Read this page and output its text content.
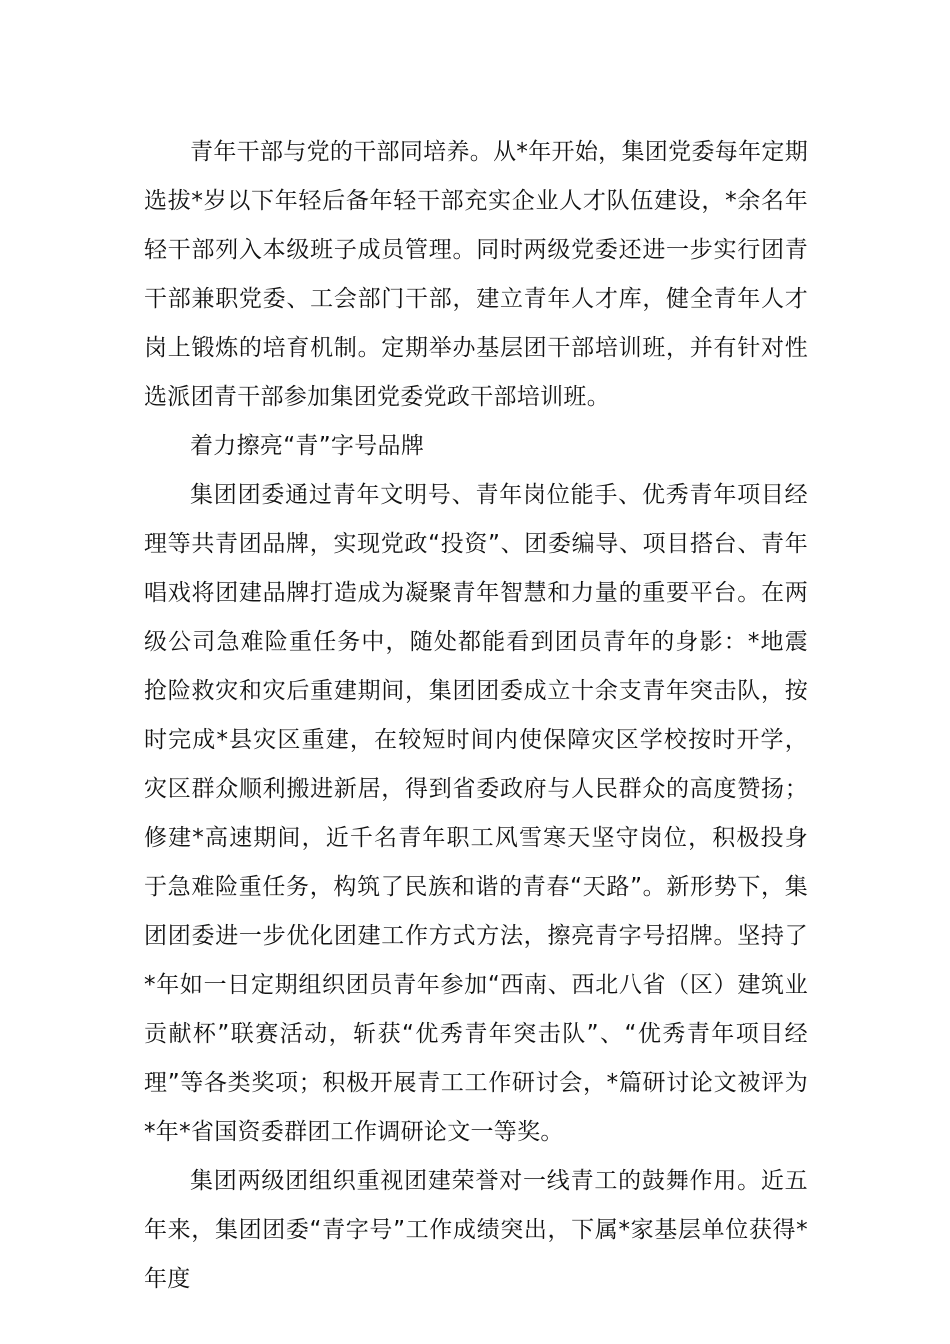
青年干部与党的干部同培养。从*年开始，集团党委每年定期选拔*岁以下年轻后备年轻干部充实企业人才队伍建设，*余名年轻干部列入本级班子成员管理。同时两级党委还进一步实行团青干部兼职党委、工会部门干部，建立青年人才库，健全青年人才岗上锻炼的培育机制。定期举办基层团干部培训班，并有针对性选派团青干部参加集团党委党政干部培训班。

着力擦亮“青”字号品牌

集团团委通过青年文明号、青年岗位能手、优秀青年项目经理等共青团品牌，实现党政“投资”、团委编导、项目搭台、青年唱戏将团建品牌打造成为凝聚青年智慧和力量的重要平台。在两级公司急难险重任务中，随处都能看到团员青年的身影：*地震抢险救灾和灾后重建期间，集团团委成立十余支青年突击队，按时完成*县灾区重建，在较短时间内使保障灾区学校按时开学，灾区群众顺利搬进新居，得到省委政府与人民群众的高度赞扬；修建*高速期间，近千名青年职工风雪寒天坚守岗位，积极投身于急难险重任务，构筑了民族和谐的青春“天路”。新形势下，集团团委进一步优化团建工作方式方法，擦亮青字号招牌。坚持了*年如一日定期组织团员青年参加“西南、西北八省（区）建筑业贡献杯”联赛活动，斩获“优秀青年突击队”、“优秀青年项目经理”等各类奖项；积极开展青工工作研讨会，*篇研讨论文被评为*年*省国资委群团工作调研论文一等奖。

集团两级团组织重视团建荣誉对一线青工的鼓舞作用。近五年来，集团团委“青字号”工作成绩突出，下属*家基层单位获得*年度
